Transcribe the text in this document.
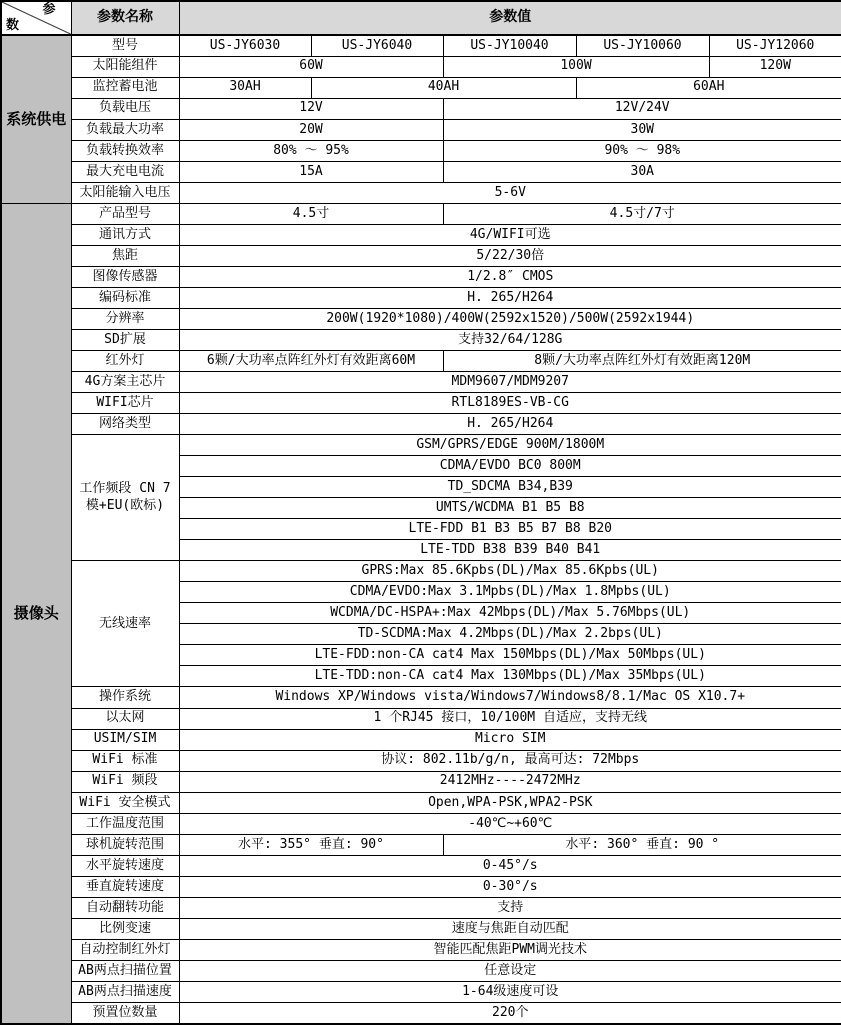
参
数	参数名称	参数值				
系统供电	型号	US-JY6030	US-JY6040	US-JY10040	US-JY10060	US-JY12060
	太阳能组件	60W		100W		120W
	监控蓄电池	30AH	40AH		60AH	
	负载电压	12V		12V/24V		
	负载最大功率	20W		30W		
	负载转换效率	80% ～ 95%		90% ～ 98%		
	最大充电电流	15A		30A		
	太阳能输入电压	5-6V				
摄像头	产品型号	4.5寸		4.5寸/7寸		
	通讯方式	4G/WIFI可选				
	焦距	5/22/30倍				
	图像传感器	1/2.8″ CMOS				
	编码标准	H. 265/H264				
	分辨率	200W(1920*1080)/400W(2592x1520)/500W(2592x1944)				
	SD扩展	支持32/64/128G				
	红外灯	6颗/大功率点阵红外灯有效距离60M		8颗/大功率点阵红外灯有效距离120M		
	4G方案主芯片	MDM9607/MDM9207				
	WIFI芯片	RTL8189ES-VB-CG				
	网络类型	H. 265/H264				
	工作频段 CN 7模+EU(欧标)	GSM/GPRS/EDGE 900M/1800M				
		CDMA/EVDO BC0 800M				
		TD_SDCMA B34,B39				
		UMTS/WCDMA B1 B5 B8				
		LTE-FDD B1 B3 B5 B7 B8 B20				
		LTE-TDD B38 B39 B40 B41				
	无线速率	GPRS:Max 85.6Kpbs(DL)/Max 85.6Kpbs(UL)				
		CDMA/EVDO:Max 3.1Mpbs(DL)/Max 1.8Mpbs(UL)				
		WCDMA/DC-HSPA+:Max 42Mbps(DL)/Max 5.76Mbps(UL)				
		TD-SCDMA:Max 4.2Mbps(DL)/Max 2.2bps(UL)				
		LTE-FDD:non-CA cat4 Max 150Mbps(DL)/Max 50Mbps(UL)				
		LTE-TDD:non-CA cat4 Max 130Mbps(DL)/Max 35Mbps(UL)				
	操作系统	Windows XP/Windows vista/Windows7/Windows8/8.1/Mac OS X10.7+				
	以太网	1 个RJ45 接口，10/100M 自适应，支持无线				
	USIM/SIM	Micro SIM				
	WiFi 标准	协议: 802.11b/g/n, 最高可达: 72Mbps				
	WiFi 频段	2412MHz----2472MHz				
	WiFi 安全模式	Open,WPA-PSK,WPA2-PSK				
	工作温度范围	-40℃~+60℃				
	球机旋转范围	水平: 355° 垂直: 90°		水平: 360° 垂直: 90 °		
	水平旋转速度	0-45°/s				
	垂直旋转速度	0-30°/s				
	自动翻转功能	支持				
	比例变速	速度与焦距自动匹配				
	自动控制红外灯	智能匹配焦距PWM调光技术				
	AB两点扫描位置	任意设定				
	AB两点扫描速度	1-64级速度可设				
	预置位数量	220个				
